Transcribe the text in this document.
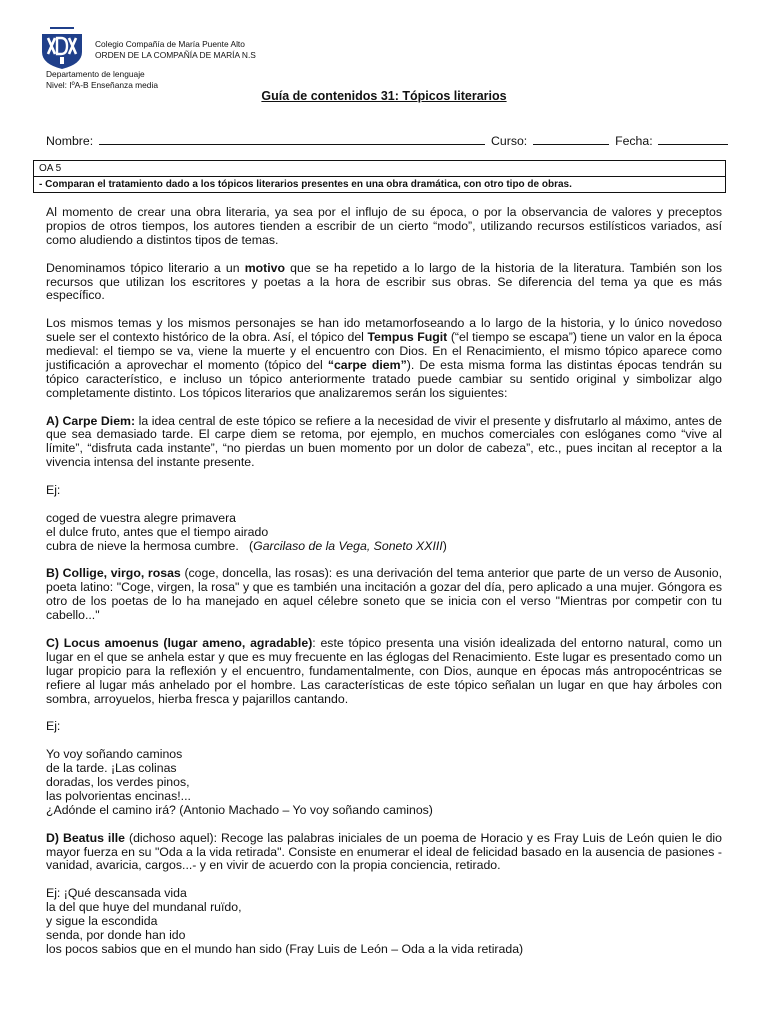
Colegio Compañía de María Puente Alto
ORDEN DE LA COMPAÑÍA DE MARÍA N.S
Departamento de lenguaje
Nivel: IºA-B Enseñanza media
Guía de contenidos 31: Tópicos literarios
Nombre:	Curso:	Fecha:
OA 5
- Comparan el tratamiento dado a los tópicos literarios presentes en una obra dramática, con otro tipo de obras.

Al momento de crear una obra literaria, ya sea por el influjo de su época, o por la observancia de valores y preceptos propios de otros tiempos, los autores tienden a escribir de un cierto “modo”, utilizando recursos estilísticos variados, así como aludiendo a distintos tipos de temas.

Denominamos tópico literario a un motivo que se ha repetido a lo largo de la historia de la literatura. También son los recursos que utilizan los escritores y poetas a la hora de escribir sus obras. Se diferencia del tema ya que es más específico.

Los mismos temas y los mismos personajes se han ido metamorfoseando a lo largo de la historia, y lo único novedoso suele ser el contexto histórico de la obra. Así, el tópico del Tempus Fugit (“el tiempo se escapa”) tiene un valor en la época medieval: el tiempo se va, viene la muerte y el encuentro con Dios. En el Renacimiento, el mismo tópico aparece como justificación a aprovechar el momento (tópico del “carpe diem”). De esta misma forma las distintas épocas tendrán su tópico característico, e incluso un tópico anteriormente tratado puede cambiar su sentido original y simbolizar algo completamente distinto. Los tópicos literarios que analizaremos serán los siguientes:

A) Carpe Diem: la idea central de este tópico se refiere a la necesidad de vivir el presente y disfrutarlo al máximo, antes de que sea demasiado tarde. El carpe diem se retoma, por ejemplo, en muchos comerciales con eslóganes como “vive al límite”, “disfruta cada instante”, “no pierdas un buen momento por un dolor de cabeza”, etc., pues incitan al receptor a la vivencia intensa del instante presente.

Ej:

coged de vuestra alegre primavera

el dulce fruto, antes que el tiempo airado

cubra de nieve la hermosa cumbre.   (Garcilaso de la Vega, Soneto XXIII)

B) Collige, virgo, rosas (coge, doncella, las rosas): es una derivación del tema anterior que parte de un verso de Ausonio, poeta latino: "Coge, virgen, la rosa" y que es también una incitación a gozar del día, pero aplicado a una mujer. Góngora es otro de los poetas de lo ha manejado en aquel célebre soneto que se inicia con el verso "Mientras por competir con tu cabello..."

C) Locus amoenus (lugar ameno, agradable): este tópico presenta una visión idealizada del entorno natural, como un lugar en el que se anhela estar y que es muy frecuente en las églogas del Renacimiento. Este lugar es presentado como un lugar propicio para la reflexión y el encuentro, fundamentalmente, con Dios, aunque en épocas más antropocéntricas se refiere al lugar más anhelado por el hombre. Las características de este tópico señalan un lugar en que hay árboles con sombra, arroyuelos, hierba fresca y pajarillos cantando.

Ej:

Yo voy soñando caminos

de la tarde. ¡Las colinas

doradas, los verdes pinos,

las polvorientas encinas!...

¿Adónde el camino irá? (Antonio Machado – Yo voy soñando caminos)

D) Beatus ille (dichoso aquel): Recoge las palabras iniciales de un poema de Horacio y es Fray Luis de León quien le dio mayor fuerza en su "Oda a la vida retirada". Consiste en enumerar el ideal de felicidad basado en la ausencia de pasiones -vanidad, avaricia, cargos...- y en vivir de acuerdo con la propia conciencia, retirado.

Ej: ¡Qué descansada vida

la del que huye del mundanal ruïdo,

y sigue la escondida

senda, por donde han ido

los pocos sabios que en el mundo han sido (Fray Luis de León – Oda a la vida retirada)
